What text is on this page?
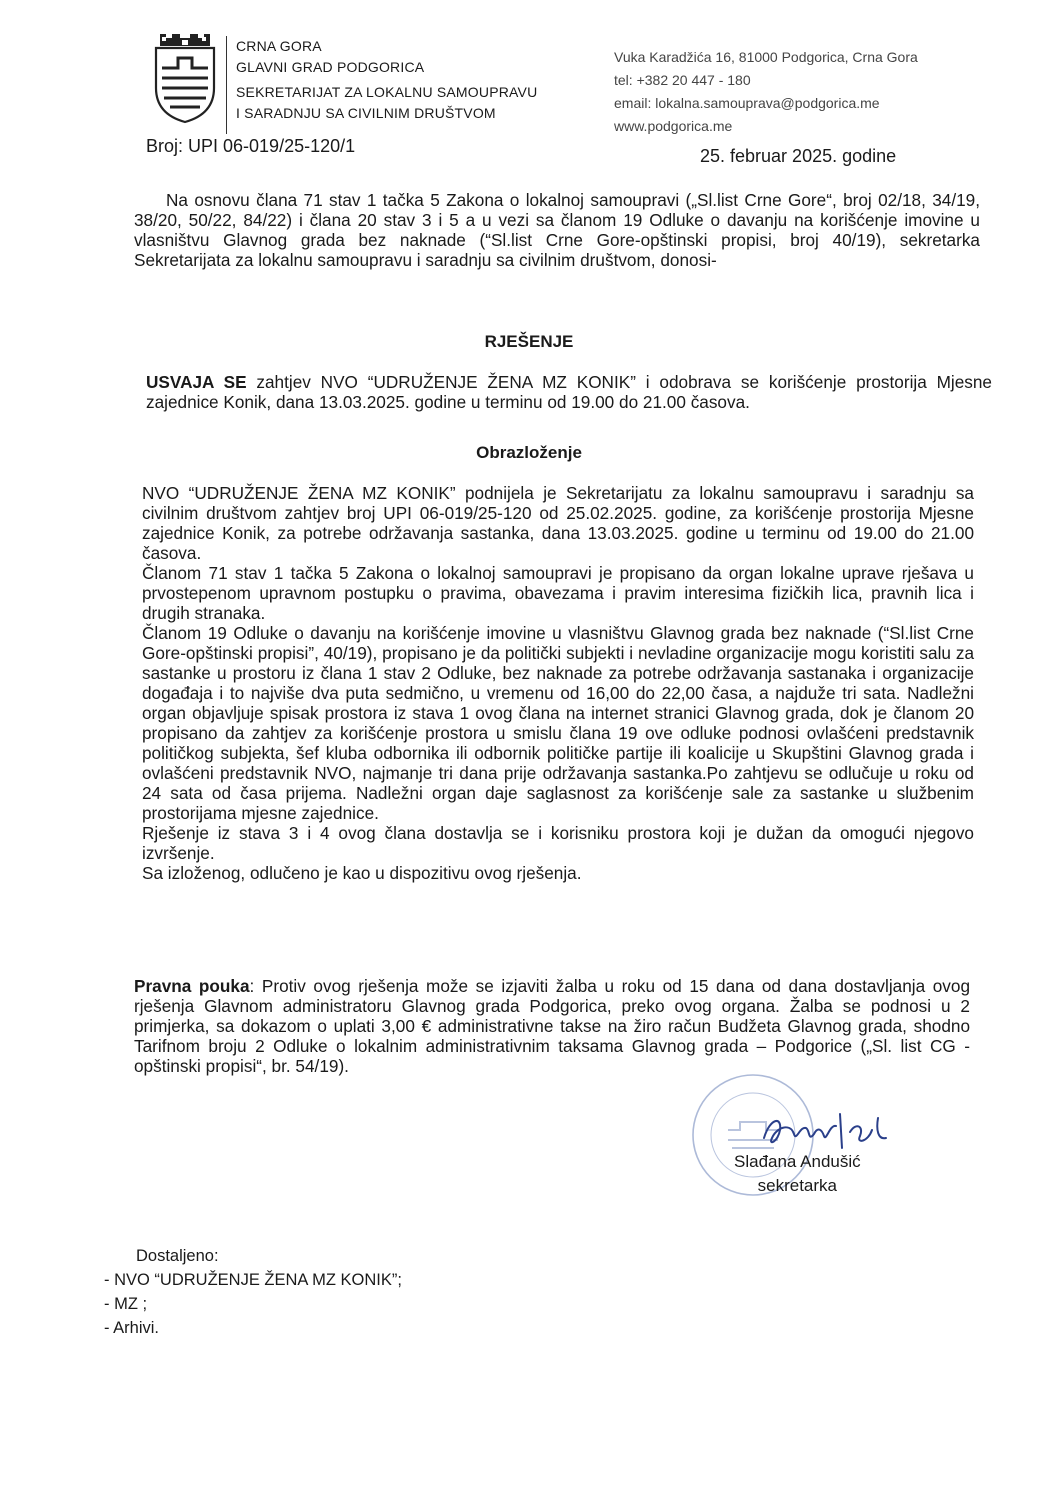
CRNA GORA
GLAVNI GRAD PODGORICA
SEKRETARIJAT ZA LOKALNU SAMOUPRAVU
I SARADNJU SA CIVILNIM DRUŠTVOM
Vuka Karadžića 16, 81000 Podgorica, Crna Gora
tel: +382 20 447 - 180
email: lokalna.samouprava@podgorica.me
www.podgorica.me
Broj: UPI 06-019/25-120/1	25. februar 2025. godine
Na osnovu člana 71 stav 1 tačka 5 Zakona o lokalnoj samoupravi („Sl.list Crne Gore“, broj 02/18, 34/19, 38/20, 50/22, 84/22) i člana 20 stav 3 i 5 a u vezi sa članom 19 Odluke o davanju na korišćenje imovine u vlasništvu Glavnog grada bez naknade (“Sl.list Crne Gore-opštinski propisi, broj 40/19), sekretarka Sekretarijata za lokalnu samoupravu i saradnju sa civilnim društvom, donosi-
RJEŠENJE
USVAJA SE zahtjev NVO “UDRUŽENJE ŽENA MZ KONIK” i odobrava se korišćenje prostorija Mjesne zajednice Konik, dana 13.03.2025. godine u terminu od 19.00 do 21.00 časova.
Obrazloženje

NVO “UDRUŽENJE ŽENA MZ KONIK” podnijela je Sekretarijatu za lokalnu samoupravu i saradnju sa civilnim društvom zahtjev broj UPI 06-019/25-120 od 25.02.2025. godine, za korišćenje prostorija Mjesne zajednice Konik, za potrebe održavanja sastanka, dana 13.03.2025. godine u terminu od 19.00 do 21.00 časova.

Članom 71 stav 1 tačka 5 Zakona o lokalnoj samoupravi je propisano da organ lokalne uprave rješava u prvostepenom upravnom postupku o pravima, obavezama i pravim interesima fizičkih lica, pravnih lica i drugih stranaka.

Članom 19 Odluke o davanju na korišćenje imovine u vlasništvu Glavnog grada bez naknade (“Sl.list Crne Gore-opštinski propisi”, 40/19), propisano je da politički subjekti i nevladine organizacije mogu koristiti salu za sastanke u prostoru iz člana 1 stav 2 Odluke, bez naknade za potrebe održavanja sastanaka i organizacije događaja i to najviše dva puta sedmično, u vremenu od 16,00 do 22,00 časa, a najduže tri sata. Nadležni organ objavljuje spisak prostora iz stava 1 ovog člana na internet stranici Glavnog grada, dok je članom 20 propisano da zahtjev za korišćenje prostora u smislu člana 19 ove odluke podnosi ovlašćeni predstavnik političkog subjekta, šef kluba odbornika ili odbornik političke partije ili koalicije u Skupštini Glavnog grada i ovlašćeni predstavnik NVO, najmanje tri dana prije održavanja sastanka.Po zahtjevu se odlučuje u roku od 24 sata od časa prijema. Nadležni organ daje saglasnost za korišćenje sale za sastanke u službenim prostorijama mjesne zajednice.

Rješenje iz stava 3 i 4 ovog člana dostavlja se i korisniku prostora koji je dužan da omogući njegovo izvršenje.

Sa izloženog, odlučeno je kao u dispozitivu ovog rješenja.

Pravna pouka: Protiv ovog rješenja može se izjaviti žalba u roku od 15 dana od dana dostavljanja ovog rješenja Glavnom administratoru Glavnog grada Podgorica, preko ovog organa. Žalba se podnosi u 2 primjerka, sa dokazom o uplati 3,00 € administrativne takse na žiro račun Budžeta Glavnog grada, shodno Tarifnom broju 2 Odluke o lokalnim administrativnim taksama Glavnog grada – Podgorice („Sl. list CG - opštinski propisi“, br. 54/19).

Slađana Andušić
sekretarka
Dostaljeno:
- NVO “UDRUŽENJE ŽENA MZ KONIK”;
- MZ ;
- Arhivi.
